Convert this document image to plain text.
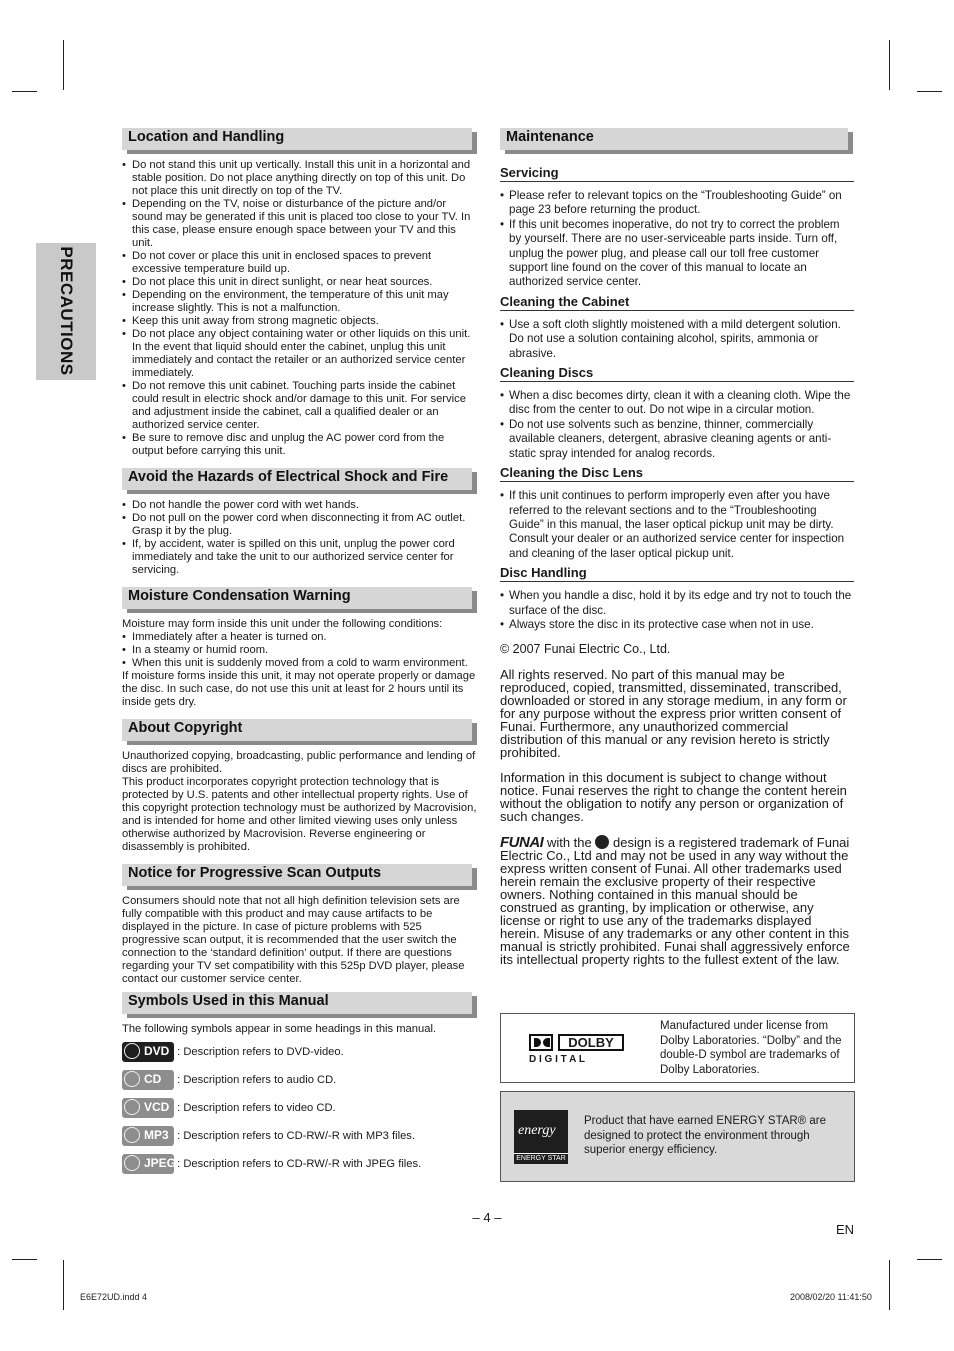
PRECAUTIONS
Location and Handling
• Do not stand this unit up vertically. Install this unit in a horizontal and stable position. Do not place anything directly on top of this unit. Do not place this unit directly on top of the TV.
• Depending on the TV, noise or disturbance of the picture and/or sound may be generated if this unit is placed too close to your TV. In this case, please ensure enough space between your TV and this unit.
• Do not cover or place this unit in enclosed spaces to prevent excessive temperature build up.
• Do not place this unit in direct sunlight, or near heat sources.
• Depending on the environment, the temperature of this unit may increase slightly. This is not a malfunction.
• Keep this unit away from strong magnetic objects.
• Do not place any object containing water or other liquids on this unit. In the event that liquid should enter the cabinet, unplug this unit immediately and contact the retailer or an authorized service center immediately.
• Do not remove this unit cabinet. Touching parts inside the cabinet could result in electric shock and/or damage to this unit. For service and adjustment inside the cabinet, call a qualified dealer or an authorized service center.
• Be sure to remove disc and unplug the AC power cord from the output before carrying this unit.
Avoid the Hazards of Electrical Shock and Fire
• Do not handle the power cord with wet hands.
• Do not pull on the power cord when disconnecting it from AC outlet. Grasp it by the plug.
• If, by accident, water is spilled on this unit, unplug the power cord immediately and take the unit to our authorized service center for servicing.
Moisture Condensation Warning
Moisture may form inside this unit under the following conditions:
• Immediately after a heater is turned on.
• In a steamy or humid room.
• When this unit is suddenly moved from a cold to warm environment.
If moisture forms inside this unit, it may not operate properly or damage the disc. In such case, do not use this unit at least for 2 hours until its inside gets dry.
About Copyright
Unauthorized copying, broadcasting, public performance and lending of discs are prohibited.
This product incorporates copyright protection technology that is protected by U.S. patents and other intellectual property rights. Use of this copyright protection technology must be authorized by Macrovision, and is intended for home and other limited viewing uses only unless otherwise authorized by Macrovision. Reverse engineering or disassembly is prohibited.
Notice for Progressive Scan Outputs
Consumers should note that not all high definition television sets are fully compatible with this product and may cause artifacts to be displayed in the picture. In case of picture problems with 525 progressive scan output, it is recommended that the user switch the connection to the ‘standard definition’ output. If there are questions regarding your TV set compatibility with this 525p DVD player, please contact our customer service center.
Symbols Used in this Manual
The following symbols appear in some headings in this manual.
DVD : Description refers to DVD-video.
CD : Description refers to audio CD.
VCD : Description refers to video CD.
MP3 : Description refers to CD-RW/-R with MP3 files.
JPEG : Description refers to CD-RW/-R with JPEG files.
Maintenance
Servicing
• Please refer to relevant topics on the “Troubleshooting Guide” on page 23 before returning the product.
• If this unit becomes inoperative, do not try to correct the problem by yourself. There are no user-serviceable parts inside. Turn off, unplug the power plug, and please call our toll free customer support line found on the cover of this manual to locate an authorized service center.
Cleaning the Cabinet
• Use a soft cloth slightly moistened with a mild detergent solution. Do not use a solution containing alcohol, spirits, ammonia or abrasive.
Cleaning Discs
• When a disc becomes dirty, clean it with a cleaning cloth. Wipe the disc from the center to out. Do not wipe in a circular motion.
• Do not use solvents such as benzine, thinner, commercially available cleaners, detergent, abrasive cleaning agents or anti-static spray intended for analog records.
Cleaning the Disc Lens
• If this unit continues to perform improperly even after you have referred to the relevant sections and to the “Troubleshooting Guide” in this manual, the laser optical pickup unit may be dirty. Consult your dealer or an authorized service center for inspection and cleaning of the laser optical pickup unit.
Disc Handling
• When you handle a disc, hold it by its edge and try not to touch the surface of the disc.
• Always store the disc in its protective case when not in use.
© 2007 Funai Electric Co., Ltd.
All rights reserved. No part of this manual may be reproduced, copied, transmitted, disseminated, transcribed, downloaded or stored in any storage medium, in any form or for any purpose without the express prior written consent of Funai. Furthermore, any unauthorized commercial distribution of this manual or any revision hereto is strictly prohibited.
Information in this document is subject to change without notice. Funai reserves the right to change the content herein without the obligation to notify any person or organization of such changes.
FUNAI with the design is a registered trademark of Funai Electric Co., Ltd and may not be used in any way without the express written consent of Funai. All other trademarks used herein remain the exclusive property of their respective owners. Nothing contained in this manual should be construed as granting, by implication or otherwise, any license or right to use any of the trademarks displayed herein. Misuse of any trademarks or any other content in this manual is strictly prohibited. Funai shall aggressively enforce its intellectual property rights to the fullest extent of the law.
DOLBY
D I G I T A L
Manufactured under license from Dolby Laboratories. “Dolby” and the double-D symbol are trademarks of Dolby Laboratories.
energy
ENERGY STAR
Product that have earned ENERGY STAR® are designed to protect the environment through superior energy efficiency.
– 4 –
EN
E6E72UD.indd 4	2008/02/20 11:41:50
